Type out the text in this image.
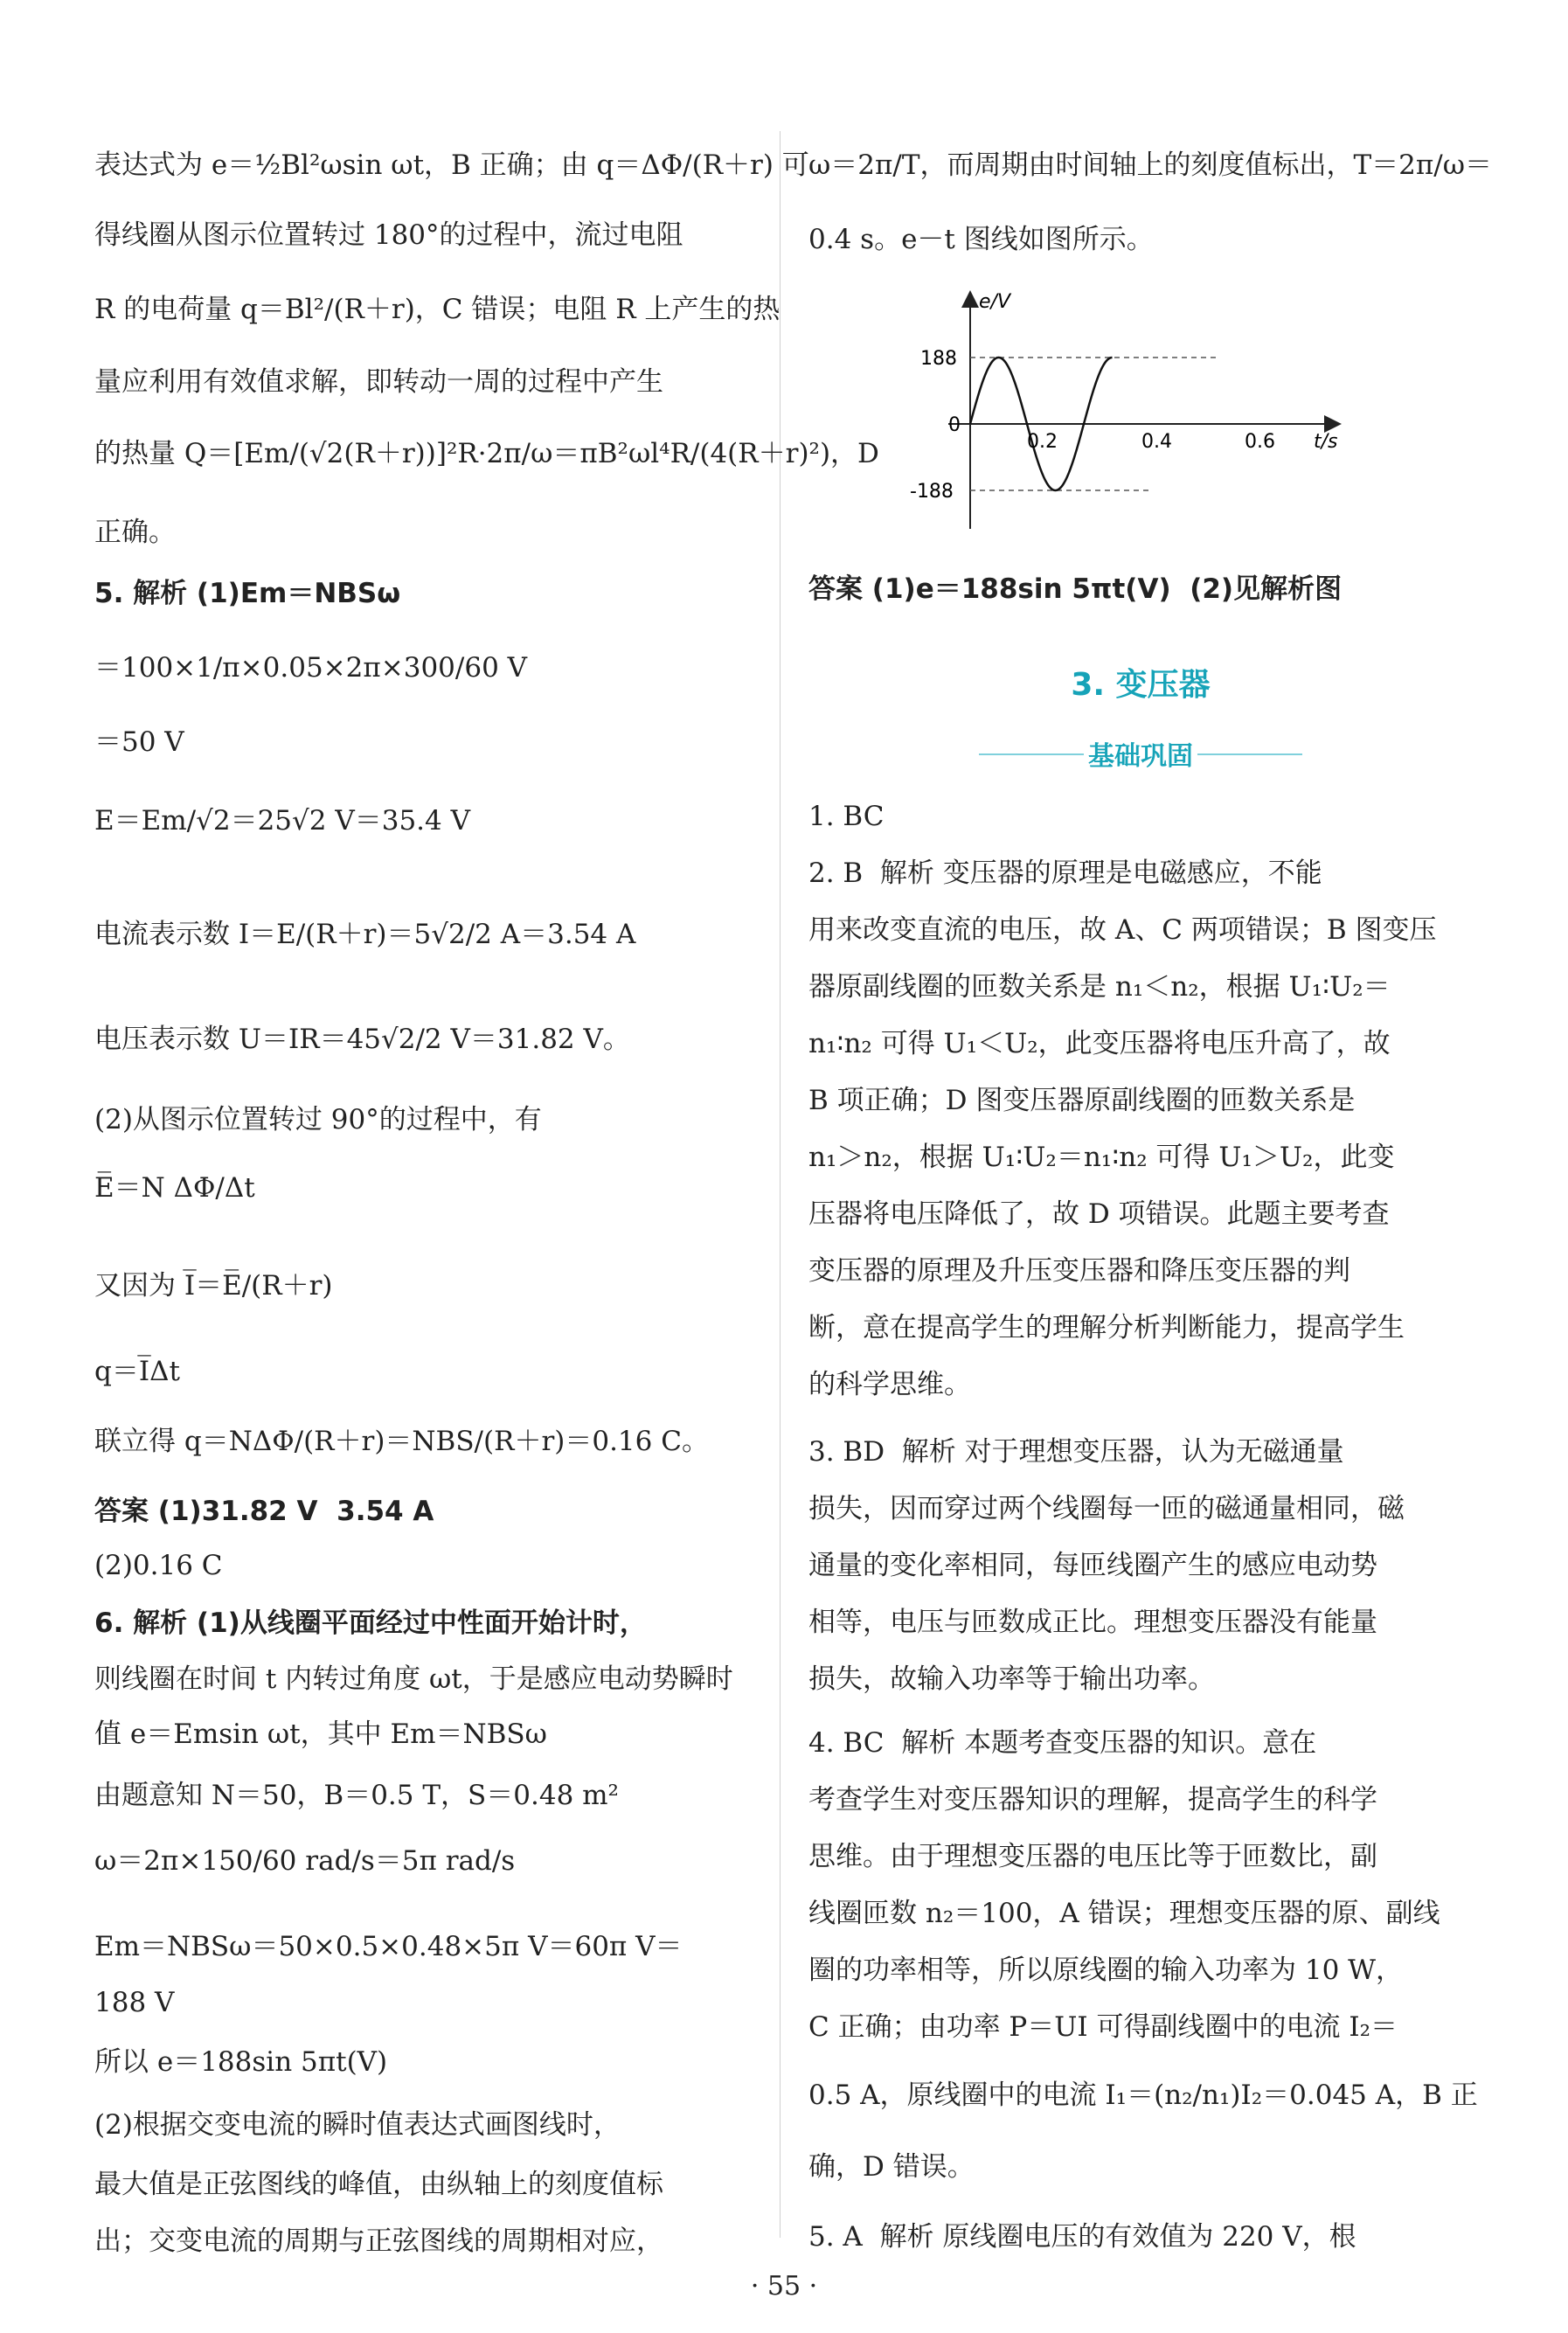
表达式为 e＝½Bl²ωsin ωt，B 正确；由 q＝ΔΦ/(R＋r) 可
得线圈从图示位置转过 180°的过程中，流过电阻
R 的电荷量 q＝Bl²/(R＋r)，C 错误；电阻 R 上产生的热
量应利用有效值求解，即转动一周的过程中产生
的热量 Q＝[Em/(√2(R＋r))]²R·2π/ω＝πB²ωl⁴R/(4(R＋r)²)，D
正确。
5. 解析 (1)Em＝NBSω
＝100×1/π×0.05×2π×300/60 V
＝50 V
E＝Em/√2＝25√2 V＝35.4 V
电流表示数 I＝E/(R＋r)＝5√2/2 A＝3.54 A
电压表示数 U＝IR＝45√2/2 V＝31.82 V。
(2)从图示位置转过 90°的过程中，有
E̅＝N ΔΦ/Δt
又因为 I̅＝E̅/(R＋r)
q＝I̅Δt
联立得 q＝NΔΦ/(R＋r)＝NBS/(R＋r)＝0.16 C。
答案 (1)31.82 V  3.54 A
(2)0.16 C
6. 解析 (1)从线圈平面经过中性面开始计时，
则线圈在时间 t 内转过角度 ωt，于是感应电动势瞬时
值 e＝Emsin ωt，其中 Em＝NBSω
由题意知 N＝50，B＝0.5 T，S＝0.48 m²
ω＝2π×150/60 rad/s＝5π rad/s
Em＝NBSω＝50×0.5×0.48×5π V＝60π V＝
188 V
所以 e＝188sin 5πt(V)
(2)根据交变电流的瞬时值表达式画图线时，
最大值是正弦图线的峰值，由纵轴上的刻度值标
出；交变电流的周期与正弦图线的周期相对应，
ω＝2π/T，而周期由时间轴上的刻度值标出，T＝2π/ω＝
0.4 s。e－t 图线如图所示。
e/V
t/s
188
0
-188
0.2	0.4	0.6
答案 (1)e＝188sin 5πt(V)  (2)见解析图
3. 变压器
基础巩固
1. BC
2. B  解析 变压器的原理是电磁感应，不能
用来改变直流的电压，故 A、C 两项错误；B 图变压
器原副线圈的匝数关系是 n₁＜n₂，根据 U₁∶U₂＝
n₁∶n₂ 可得 U₁＜U₂，此变压器将电压升高了，故
B 项正确；D 图变压器原副线圈的匝数关系是
n₁＞n₂，根据 U₁∶U₂＝n₁∶n₂ 可得 U₁＞U₂，此变
压器将电压降低了，故 D 项错误。此题主要考查
变压器的原理及升压变压器和降压变压器的判
断，意在提高学生的理解分析判断能力，提高学生
的科学思维。
3. BD  解析 对于理想变压器，认为无磁通量
损失，因而穿过两个线圈每一匝的磁通量相同，磁
通量的变化率相同，每匝线圈产生的感应电动势
相等，电压与匝数成正比。理想变压器没有能量
损失，故输入功率等于输出功率。
4. BC  解析 本题考查变压器的知识。意在
考查学生对变压器知识的理解，提高学生的科学
思维。由于理想变压器的电压比等于匝数比，副
线圈匝数 n₂＝100，A 错误；理想变压器的原、副线
圈的功率相等，所以原线圈的输入功率为 10 W，
C 正确；由功率 P＝UI 可得副线圈中的电流 I₂＝
0.5 A，原线圈中的电流 I₁＝(n₂/n₁)I₂＝0.045 A，B 正
确，D 错误。
5. A  解析 原线圈电压的有效值为 220 V，根
· 55 ·
